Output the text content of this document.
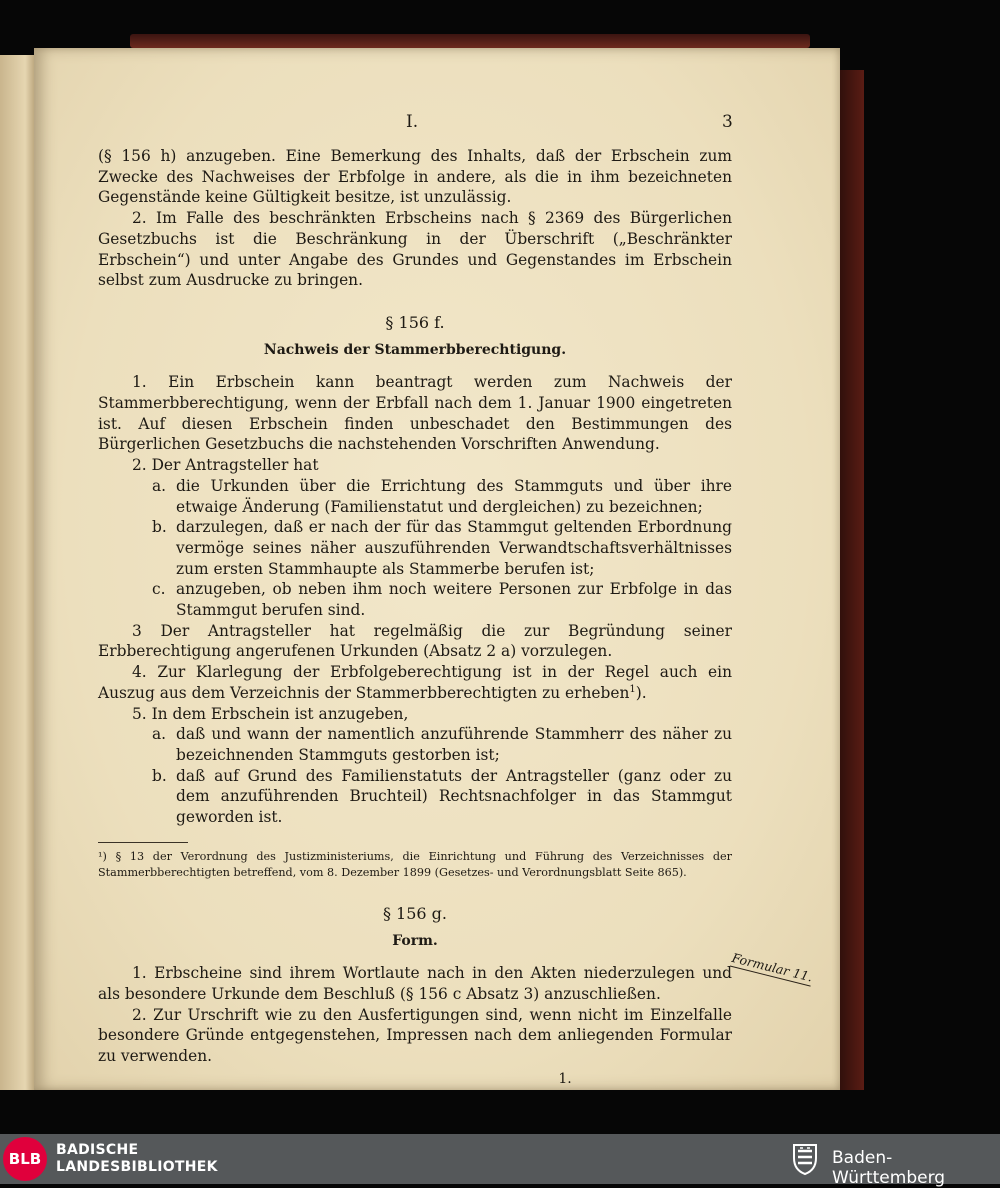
I.	3

(§ 156 h) anzugeben. Eine Bemerkung des Inhalts, daß der Erbschein zum Zwecke des Nachweises der Erbfolge in andere, als die in ihm bezeichneten Gegenstände keine Gültigkeit besitze, ist unzulässig.

2. Im Falle des beschränkten Erbscheins nach § 2369 des Bürgerlichen Gesetzbuchs ist die Beschränkung in der Überschrift („Beschränkter Erbschein“) und unter Angabe des Grundes und Gegenstandes im Erbschein selbst zum Ausdrucke zu bringen.

§ 156 f.
Nachweis der Stammerbberechtigung.

1. Ein Erbschein kann beantragt werden zum Nachweis der Stammerbberechtigung, wenn der Erbfall nach dem 1. Januar 1900 eingetreten ist. Auf diesen Erbschein finden unbeschadet den Bestimmungen des Bürgerlichen Gesetzbuchs die nachstehenden Vorschriften Anwendung.

2. Der Antragsteller hat

a. die Urkunden über die Errichtung des Stammguts und über ihre etwaige Änderung (Familienstatut und dergleichen) zu bezeichnen;

b. darzulegen, daß er nach der für das Stammgut geltenden Erbordnung vermöge seines näher auszuführenden Verwandtschaftsverhältnisses zum ersten Stammhaupte als Stammerbe berufen ist;

c. anzugeben, ob neben ihm noch weitere Personen zur Erbfolge in das Stammgut berufen sind.

3 Der Antragsteller hat regelmäßig die zur Begründung seiner Erbberechtigung angerufenen Urkunden (Absatz 2 a) vorzulegen.

4. Zur Klarlegung der Erbfolgeberechtigung ist in der Regel auch ein Auszug aus dem Verzeichnis der Stammerbberechtigten zu erheben$^1$).

5. In dem Erbschein ist anzugeben,

a. daß und wann der namentlich anzuführende Stammherr des näher zu bezeichnenden Stammguts gestorben ist;

b. daß auf Grund des Familienstatuts der Antragsteller (ganz oder zu dem anzuführenden Bruchteil) Rechtsnachfolger in das Stammgut geworden ist.

¹) § 13 der Verordnung des Justizministeriums, die Einrichtung und Führung des Verzeichnisses der Stammerbberechtigten betreffend, vom 8. Dezember 1899 (Gesetzes- und Verordnungsblatt Seite 865).

§ 156 g.
Form.

1. Erbscheine sind ihrem Wortlaute nach in den Akten niederzulegen und als besondere Urkunde dem Beschluß (§ 156 c Absatz 3) anzuschließen.

2. Zur Urschrift wie zu den Ausfertigungen sind, wenn nicht im Einzelfalle besondere Gründe entgegenstehen, Impressen nach dem anliegenden Formular zu verwenden.

1.
Formular 11.
BLB	BADISCHE
LANDESBIBLIOTHEK	Baden-Württemberg
